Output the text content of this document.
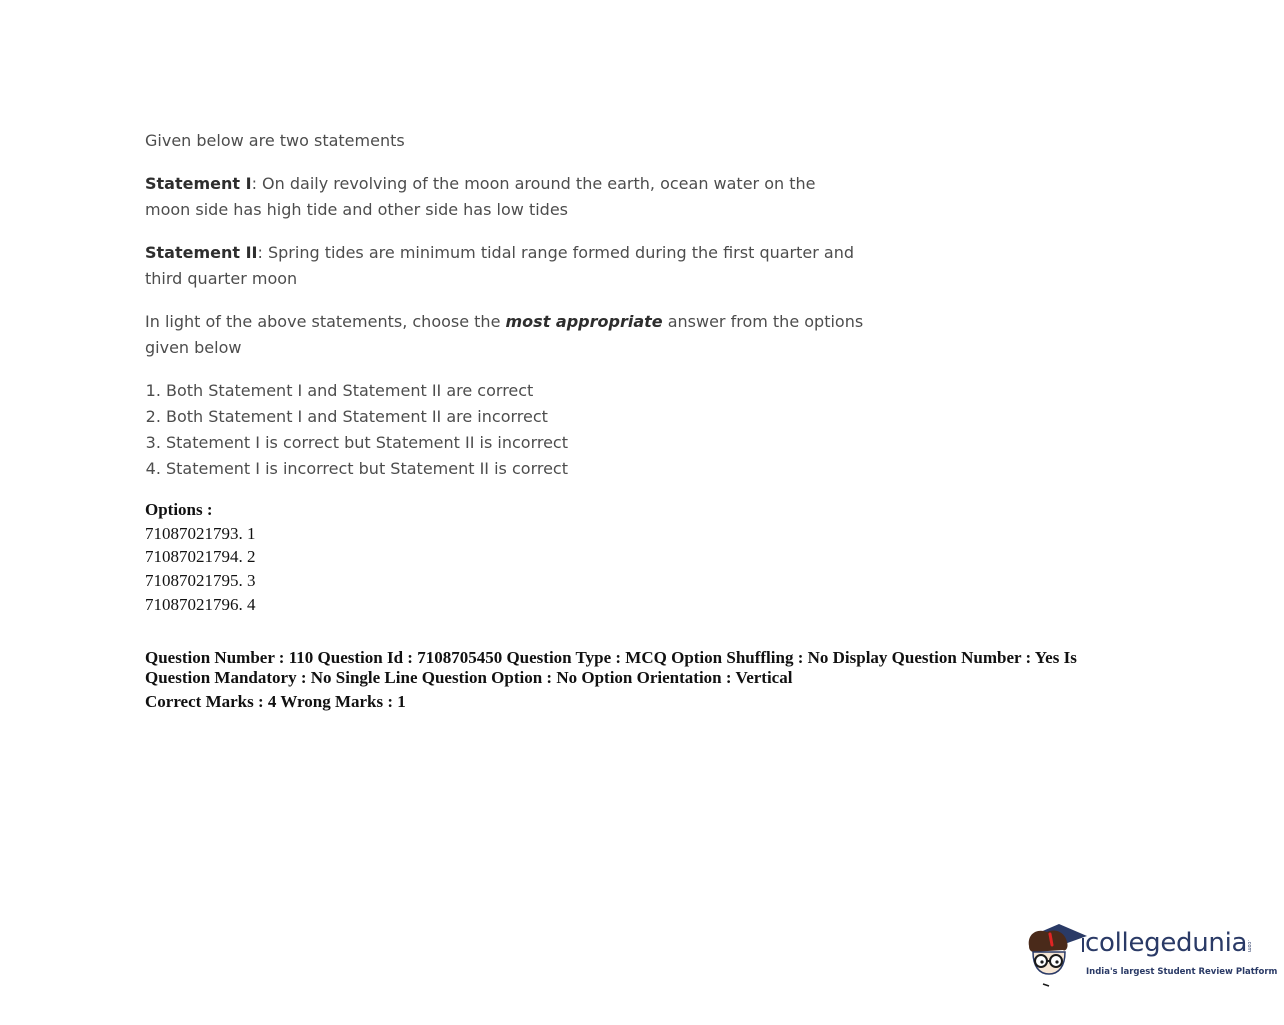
Given below are two statements

Statement I: On daily revolving of the moon around the earth, ocean water on the moon side has high tide and other side has low tides

Statement II: Spring tides are minimum tidal range formed during the first quarter and third quarter moon

In light of the above statements, choose the most appropriate answer from the options given below

1. Both Statement I and Statement II are correct
2. Both Statement I and Statement II are incorrect
3. Statement I is correct but Statement II is incorrect
4. Statement I is incorrect but Statement II is correct
Options :
71087021793. 1
71087021794. 2
71087021795. 3
71087021796. 4
Question Number : 110 Question Id : 7108705450 Question Type : MCQ Option Shuffling : No Display Question Number : Yes Is Question Mandatory : No Single Line Question Option : No Option Orientation : Vertical
Correct Marks : 4 Wrong Marks : 1
collegedunia
.com
India's largest Student Review Platform
